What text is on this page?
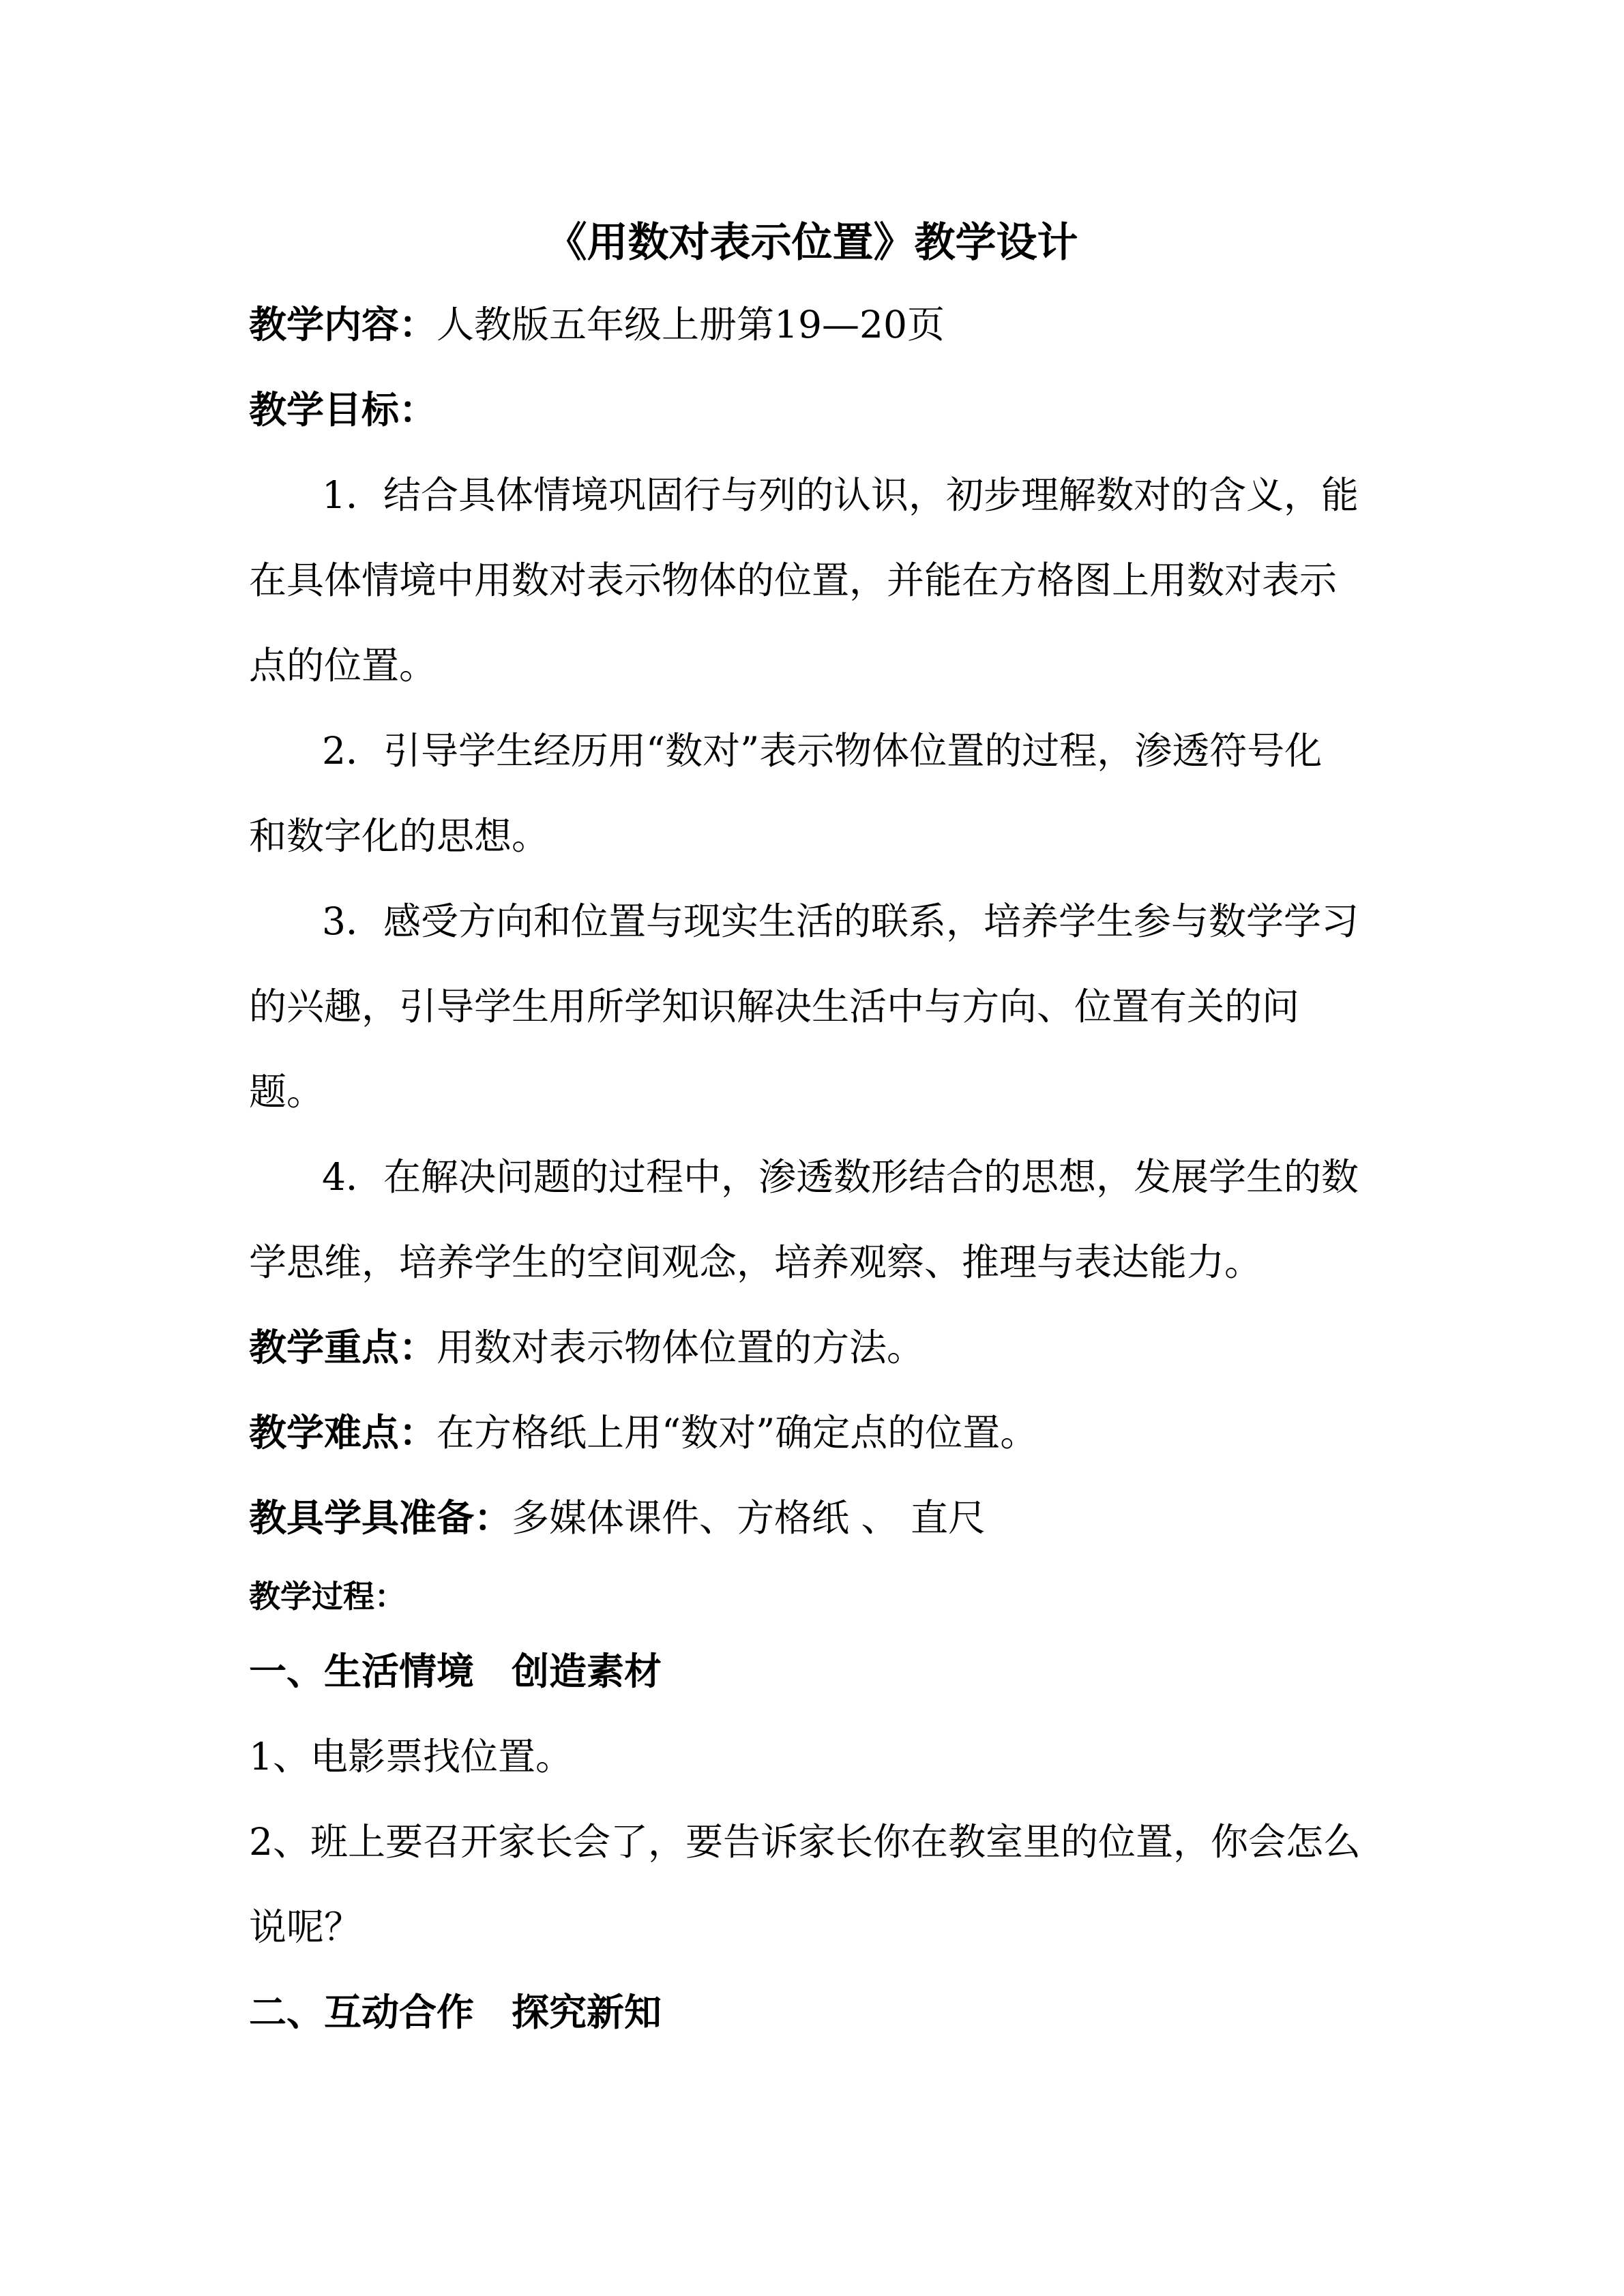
《用数对表示位置》教学设计

教学内容：人教版五年级上册第19—20页

教学目标：

1．结合具体情境巩固行与列的认识，初步理解数对的含义，能

在具体情境中用数对表示物体的位置，并能在方格图上用数对表示

点的位置。

2．引导学生经历用“数对”表示物体位置的过程，渗透符号化

和数字化的思想。

3．感受方向和位置与现实生活的联系，培养学生参与数学学习

的兴趣，引导学生用所学知识解决生活中与方向、位置有关的问

题。

4．在解决问题的过程中，渗透数形结合的思想，发展学生的数

学思维，培养学生的空间观念，培养观察、推理与表达能力。

教学重点：用数对表示物体位置的方法。

教学难点：在方格纸上用“数对”确定点的位置。

教具学具准备：多媒体课件、方格纸 、 直尺

教学过程：

一、生活情境　创造素材

1、电影票找位置。

2、班上要召开家长会了，要告诉家长你在教室里的位置，你会怎么

说呢？

二、互动合作　探究新知
